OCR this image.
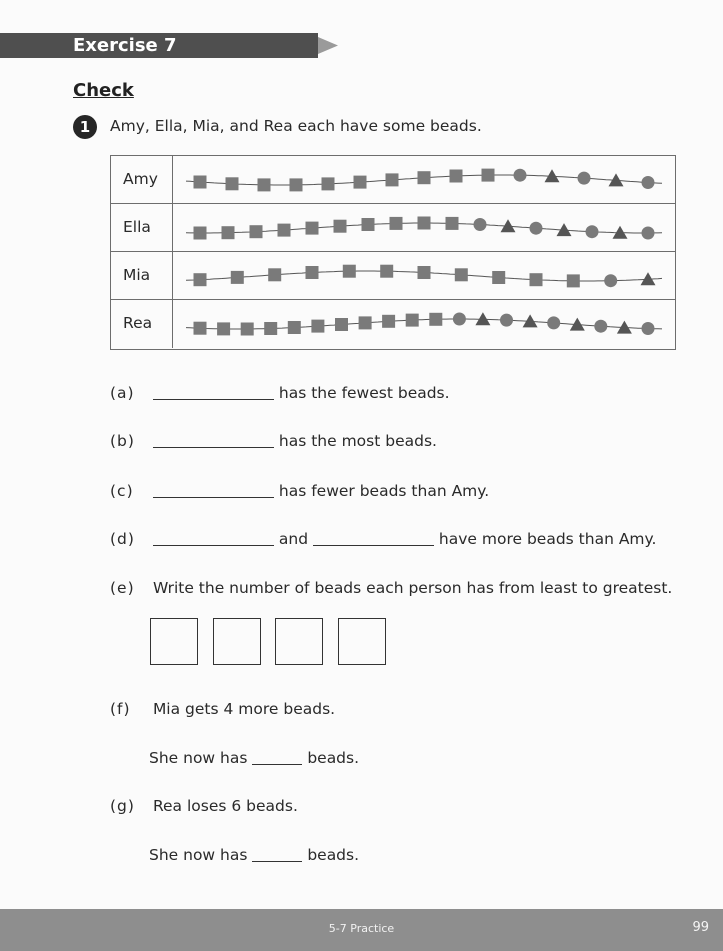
Exercise 7
Check
1	Amy, Ella, Mia, and Rea each have some beads.
Amy
Ella
Mia
Rea
(a)	has the fewest beads.
(b)	has the most beads.
(c)	has fewer beads than Amy.
(d)	and	have more beads than Amy.
(e) Write the number of beads each person has from least to greatest.
(f) Mia gets 4 more beads.
She now has	beads.
(g) Rea loses 6 beads.
She now has	beads.
5-7 Practice	99
